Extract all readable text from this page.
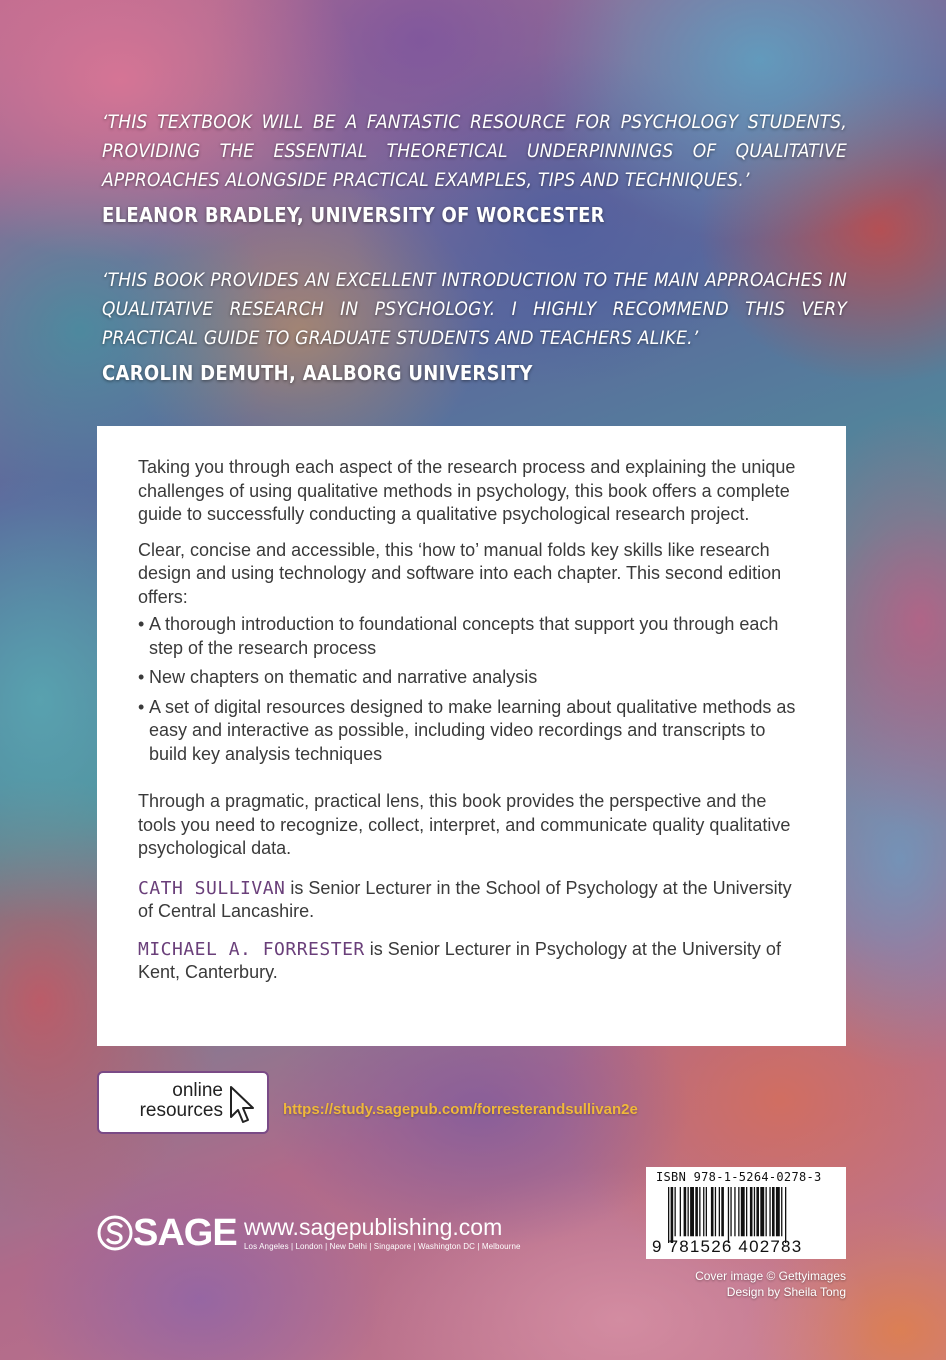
‘THIS TEXTBOOK WILL BE A FANTASTIC RESOURCE FOR PSYCHOLOGY STUDENTS, PROVIDING THE ESSENTIAL THEORETICAL UNDERPINNINGS OF QUALITATIVE APPROACHES ALONGSIDE PRACTICAL EXAMPLES, TIPS AND TECHNIQUES.’
ELEANOR BRADLEY, UNIVERSITY OF WORCESTER
‘THIS BOOK PROVIDES AN EXCELLENT INTRODUCTION TO THE MAIN APPROACHES IN QUALITATIVE RESEARCH IN PSYCHOLOGY. I HIGHLY RECOMMEND THIS VERY PRACTICAL GUIDE TO GRADUATE STUDENTS AND TEACHERS ALIKE.’
CAROLIN DEMUTH, AALBORG UNIVERSITY

Taking you through each aspect of the research process and explaining the unique challenges of using qualitative methods in psychology, this book offers a complete guide to successfully conducting a qualitative psychological research project.

Clear, concise and accessible, this ‘how to’ manual folds key skills like research design and using technology and software into each chapter. This second edition offers:

• A thorough introduction to foundational concepts that support you through each step of the research process
• New chapters on thematic and narrative analysis
• A set of digital resources designed to make learning about qualitative methods as easy and interactive as possible, including video recordings and transcripts to build key analysis techniques

Through a pragmatic, practical lens, this book provides the perspective and the tools you need to recognize, collect, interpret, and communicate quality qualitative psychological data.

CATH SULLIVAN is Senior Lecturer in the School of Psychology at the University of Central Lancashire.

MICHAEL A. FORRESTER is Senior Lecturer in Psychology at the University of Kent, Canterbury.

online
resources	https://study.sagepub.com/forresterandsullivan2e
SAGE www.sagepublishing.com
Los Angeles | London | New Delhi | Singapore | Washington DC | Melbourne
ISBN 978-1-5264-0278-3
9 781526 402783
Cover image © Gettyimages
Design by Sheila Tong
